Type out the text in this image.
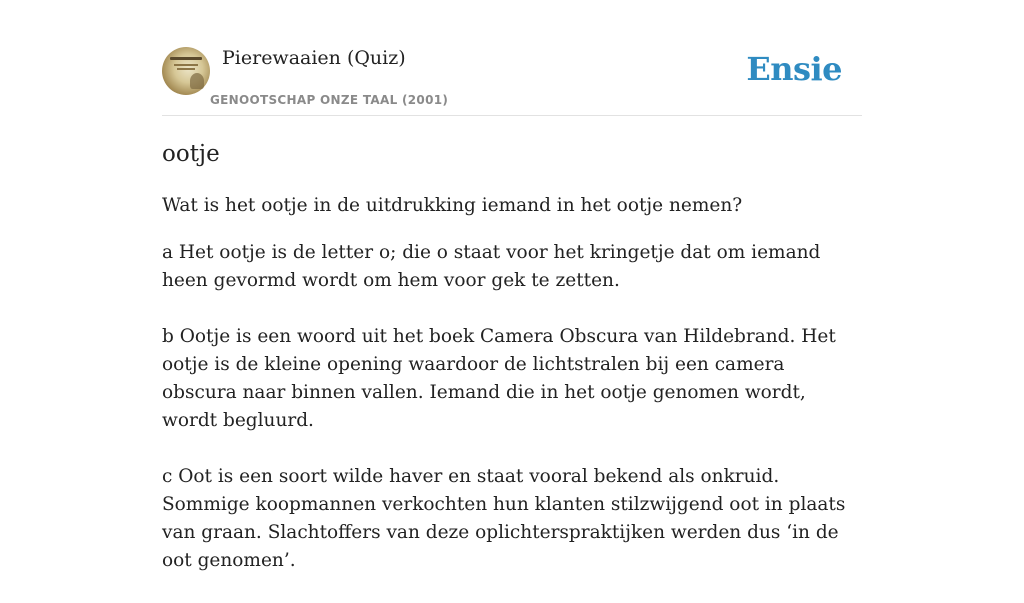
Pierewaaien (Quiz)
GENOOTSCHAP ONZE TAAL (2001)
Ensie
ootje

Wat is het ootje in de uitdrukking iemand in het ootje nemen?

a Het ootje is de letter o; die o staat voor het kringetje dat om iemand heen gevormd wordt om hem voor gek te zetten.

b Ootje is een woord uit het boek Camera Obscura van Hildebrand. Het ootje is de kleine opening waardoor de lichtstralen bij een camera obscura naar binnen vallen. Iemand die in het ootje genomen wordt, wordt begluurd.

c Oot is een soort wilde haver en staat vooral bekend als onkruid. Sommige koopmannen verkochten hun klanten stilzwijgend oot in plaats van graan. Slachtoffers van deze oplichterspraktijken werden dus ‘in de oot genomen’.
